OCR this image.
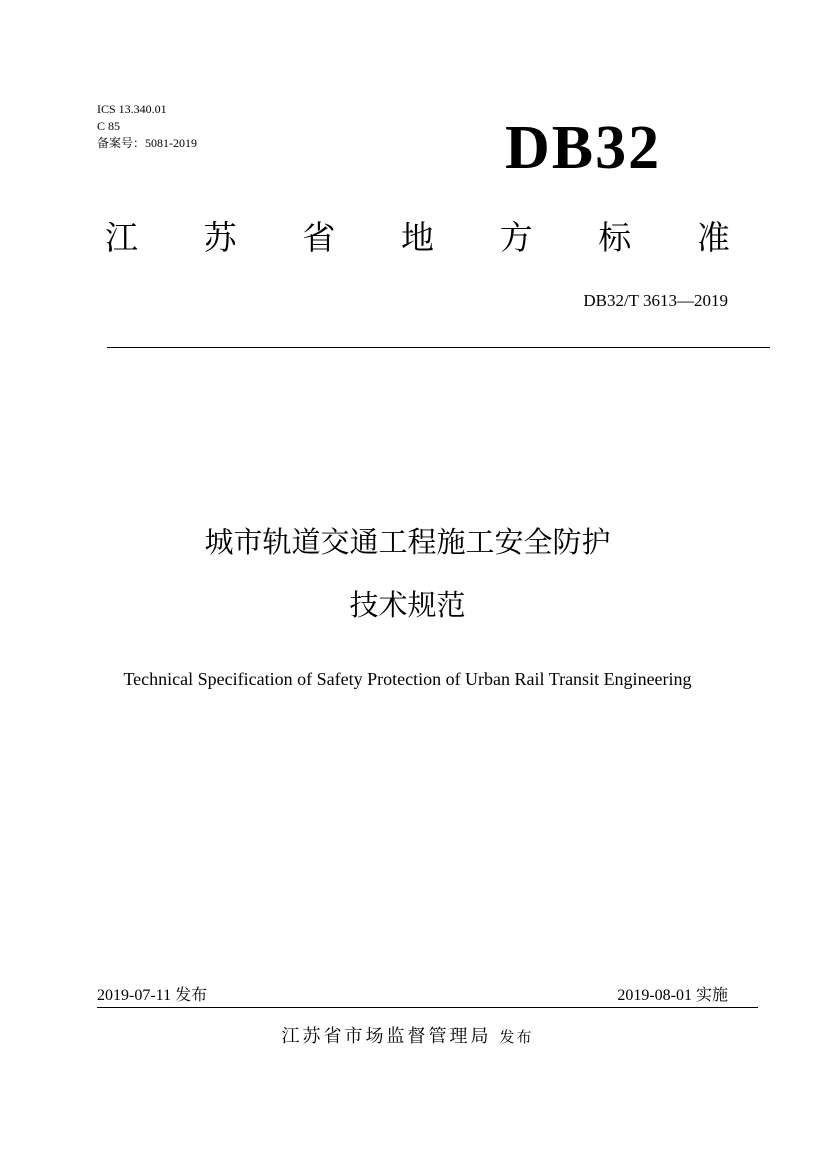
ICS 13.340.01
C 85
备案号：5081-2019	DB32
江 苏 省 地 方 标 准
DB32/T 3613—2019
城市轨道交通工程施工安全防护
技术规范
Technical Specification of Safety Protection of Urban Rail Transit Engineering
2019-07-11 发布	2019-08-01 实施
江苏省市场监督管理局 发布
